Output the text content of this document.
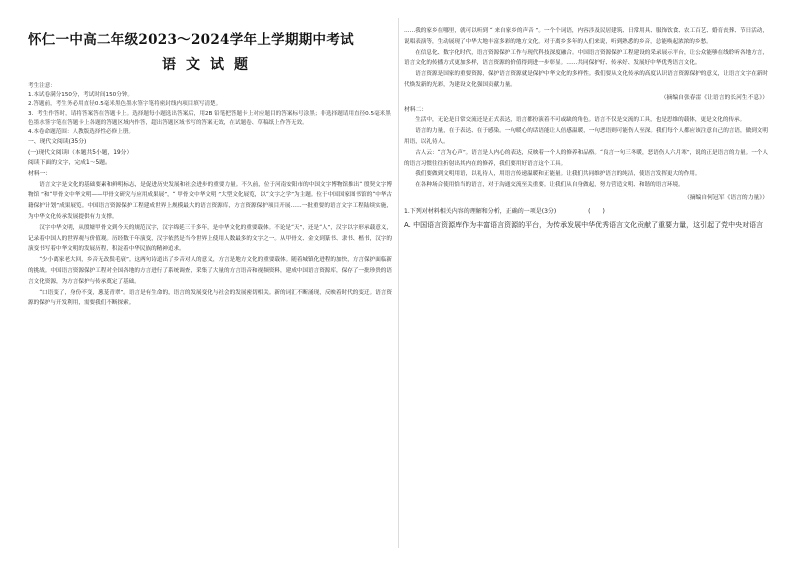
怀仁一中高二年级2023～2024学年上学期期中考试
语文试题
考生注意：
1.本试卷满分150分，考试时间150分钟。
2.答题前，考生务必用直径0.5毫米黑色墨水签字笔将密封线内项目填写清楚。
3．考生作答时，请将答案答在答题卡上。选择题每小题选出答案后，用2B 铅笔把答题卡上对应题目的答案标号涂黑；非选择题请用直径0.5毫米黑色墨水签字笔在答题卡上各题的答题区域内作答，超出答题区域书写的答案无效，在试题卷、草稿纸上作答无效。
4.本卷命题范围：人教版选择性必修上册。
一、现代文阅读(35分)
(一)现代文阅读I（本题共5小题，19分）
阅读下面的文字，完成1～5题。
材料一：

语言文字是文化的基础要素和鲜明标志，是促进历史发展和社会进步的重要力量。不久前，位于河南安阳市的中国文字博物馆推出“ 殷契文字博物馆 ”和“甲骨文中华文明——甲骨文研究与应用成果展”，“ 甲骨文中华文明 ”大型文化展览，以“文字之学”为主题。位于中国国家图书馆的“中华古籍保护计划”成果展览。中国语言资源保护工程建成世界上规模最大的语言资源库，方言资源保护项目开展……一批重要的语言文字工程陆续实施，为中华文化传承发展提供有力支撑。

汉字中华文明，从殷墟甲骨文到今天的规范汉字，汉字绵延三千多年，是中华文化的重要载体。不论是“天”，还是“人”，汉字以字形承载意义，记录着中国人的世界观与价值观。历经数千年演变，汉字依然是当今世界上使用人数最多的文字之一。从甲骨文、金文到篆书、隶书、楷书，汉字的演变书写着中华文明的发展历程，积淀着中华民族的精神追求。

“少小离家老大回，乡音无改鬓毛衰”。这两句诗道出了乡音对人的意义，方言是地方文化的重要载体。随着城镇化进程的加快，方言保护面临新的挑战。中国语言资源保护工程对全国各地的方言进行了系统调查，采集了大量的方言语音和视频资料，建成中国语言资源库，保存了一批珍贵的语言文化资源，为方言保护与传承奠定了基础。

“口语变了，身份不变，葱茏青翠”。语言是有生命的，语言的发展变化与社会的发展密切相关。新的词汇不断涌现，反映着时代的变迁。语言资源的保护与开发利用，需要我们不断探索。

……我的家乡在哪里，就可以听到 “ 来自家乡的声音 ”。一个个词语，内容涉及民居建筑、日常用具、服饰饮食、农工百艺、婚育丧葬、节日活动，说唱表演等，生动展现了中华大地丰富多彩的地方文化。对于离乡多年的人们来说，听到熟悉的乡音，总能唤起浓浓的乡愁。

在信息化、数字化时代，语言资源保护工作与现代科技深度融合。中国语言资源保护工程建设的采录展示平台，让公众能够在线聆听各地方言，语言文化的传播方式更加多样，语言资源的价值得到进一步彰显。……共同保护好、传承好、发展好中华优秀语言文化。

语言资源是国家的重要资源，保护语言资源就是保护中华文化的多样性。我们要从文化传承的高度认识语言资源保护的意义，让语言文字在新时代焕发新的光彩，为建设文化强国贡献力量。

（摘编自张春雷《让语言的长河生不息》）
材料二：

生活中，无论是日常交流还是正式表达，语言都扮演着不可或缺的角色。语言不仅是交流的工具，也是思维的载体，更是文化的传承。

语言的力量，在于表达、在于感染。一句暖心的话语能让人倍感温暖，一句恶语则可能伤人至深。我们每个人都应该注意自己的言语，做到文明用语，以礼待人。

古人云：“言为心声”。语言是人内心的表达，反映着一个人的修养和品格。“良言一句三冬暖，恶语伤人六月寒”，说的正是语言的力量。一个人的语言习惯往往折射出其内在的修养，我们要用好语言这个工具。

我们要做到文明用语，以礼待人，用语言传递温暖和正能量。让我们共同维护语言的纯洁，使语言发挥更大的作用。

在各种场合使用恰当的语言，对于沟通交流至关重要。让我们从自身做起，努力营造文明、和谐的语言环境。

（摘编自何冠军《语言的力量》）
1.下列对材料相关内容的理解和分析，正确的一项是(3分)	(　　)
A. 中国语言资源库作为丰富语言资源的平台，为传承发展中华优秀语言文化贡献了重要力量，这引起了党中央对语言
